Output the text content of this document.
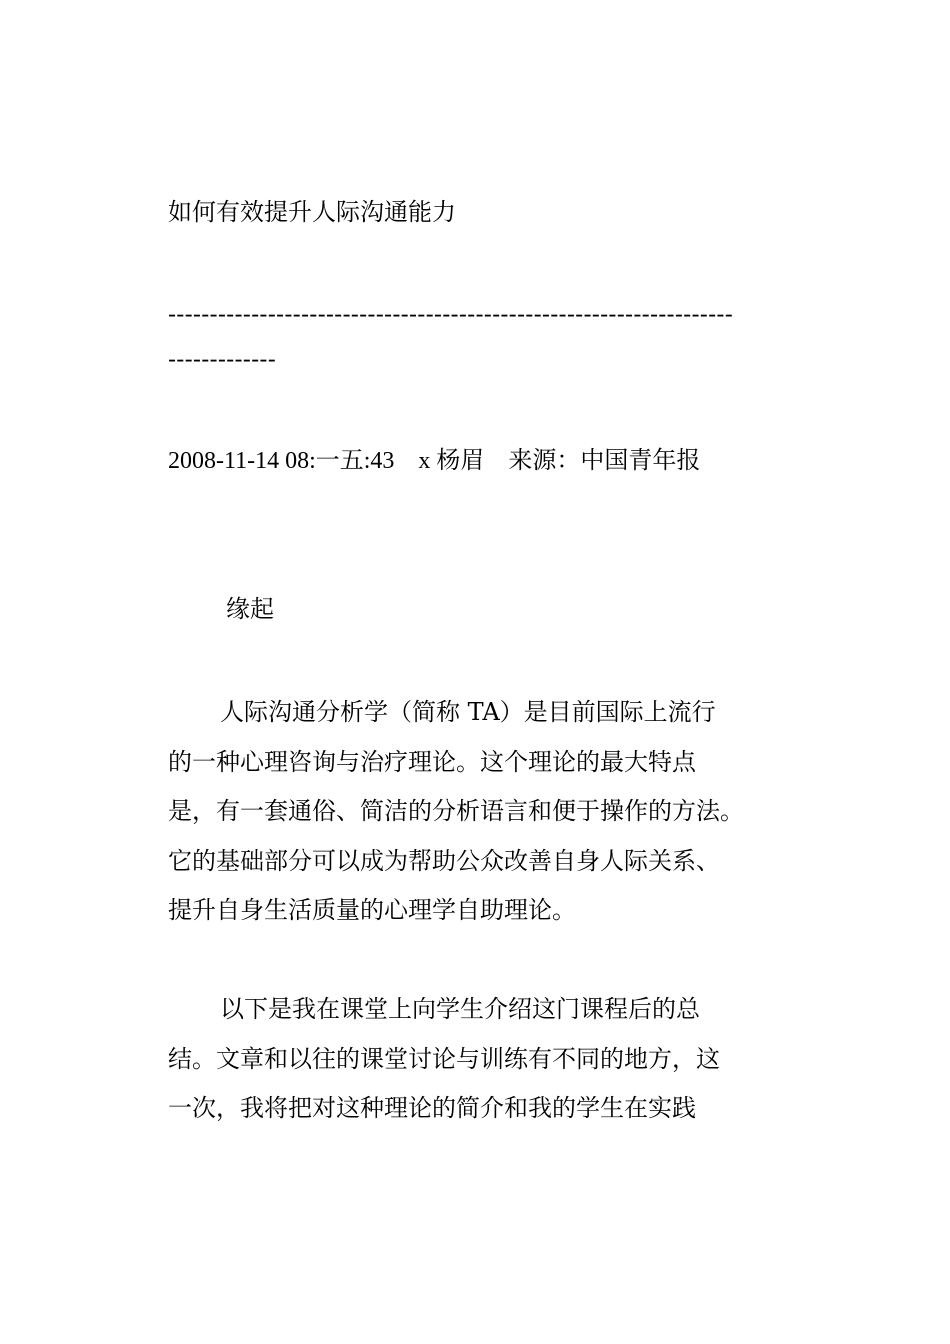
如何有效提升人际沟通能力
--------------------------------------------------------------------
-------------
2008-11-14 08:一五:43　x 杨眉　来源：中国青年报
缘起
人际沟通分析学（简称 TA）是目前国际上流行
的一种心理咨询与治疗理论。这个理论的最大特点
是，有一套通俗、简洁的分析语言和便于操作的方法。
它的基础部分可以成为帮助公众改善自身人际关系、
提升自身生活质量的心理学自助理论。
以下是我在课堂上向学生介绍这门课程后的总
结。文章和以往的课堂讨论与训练有不同的地方，这
一次，我将把对这种理论的简介和我的学生在实践
